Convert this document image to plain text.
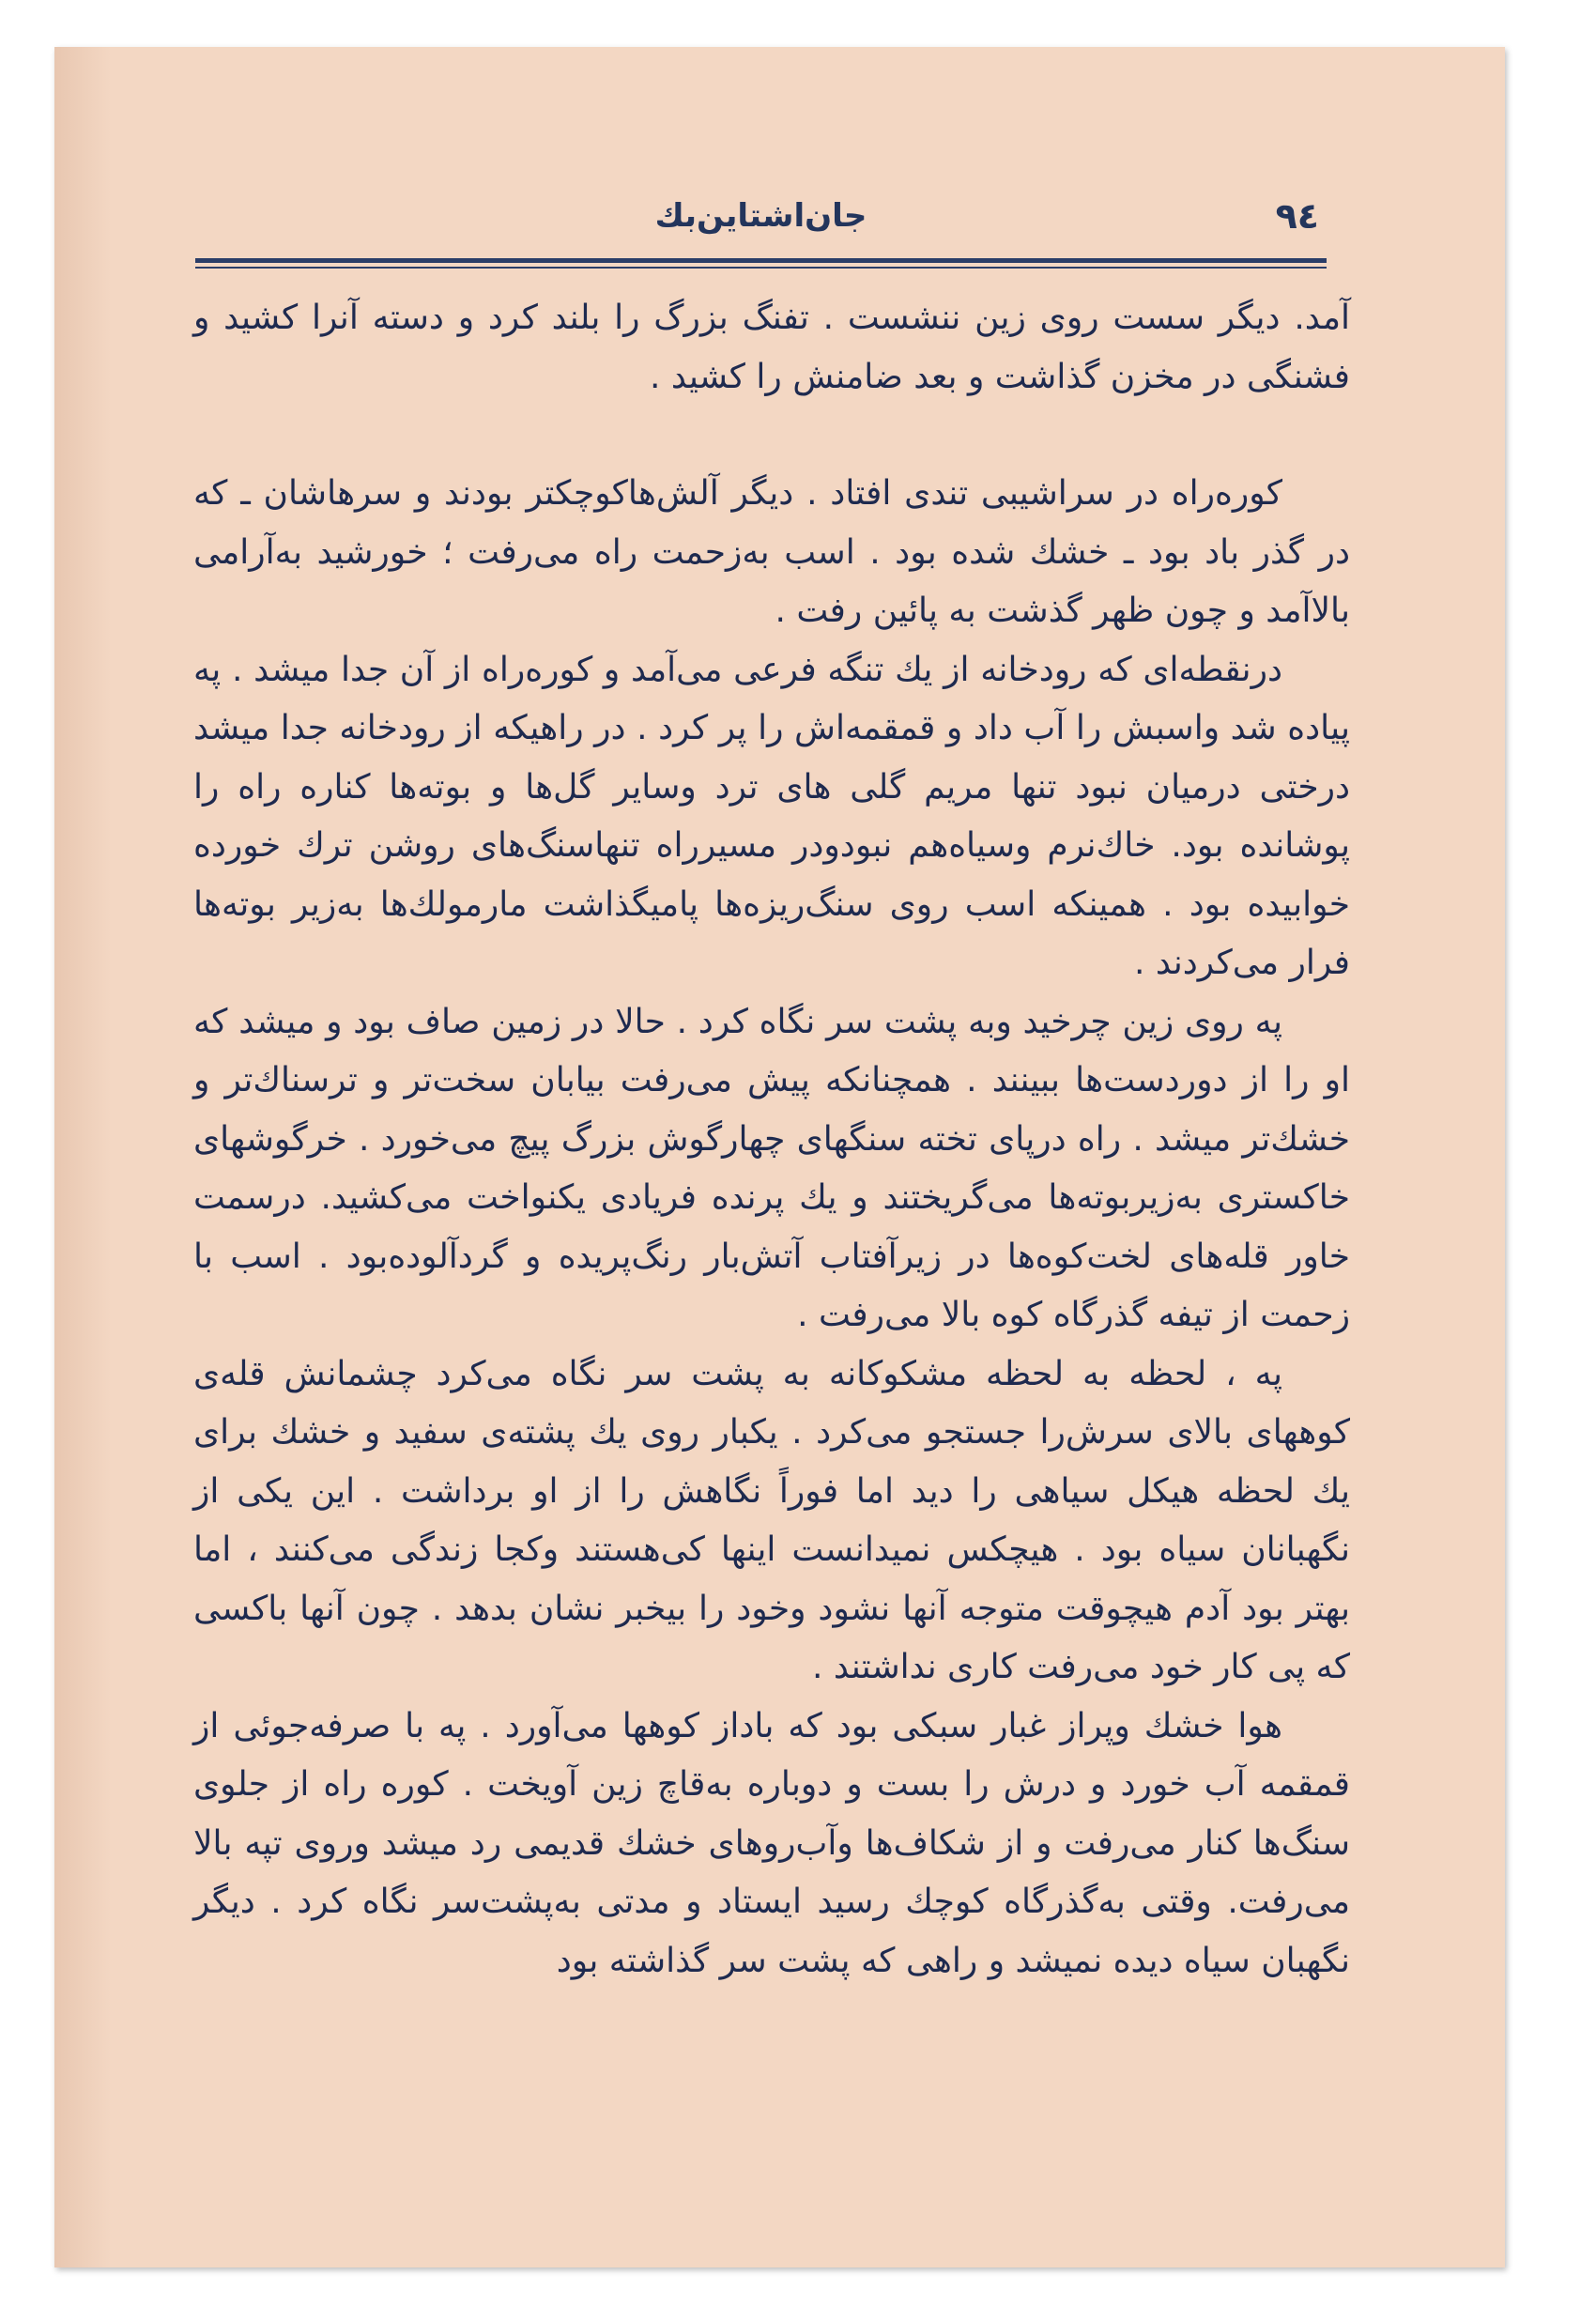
٩٤
جان‌اشتاین‌بك

آمد. دیگر سست روی زین ننشست . تفنگ بزرگ را بلند کرد و دسته آنرا کشید و فشنگی در مخزن گذاشت و بعد ضامنش را کشید .

کوره‌راه در سراشیبی تندی افتاد . دیگر آلش‌هاکوچکتر بودند و سرهاشان ـ که در گذر باد بود ـ خشك شده بود . اسب به‌زحمت راه می‌رفت ؛ خورشید به‌آرامی بالاآمد و چون ظهر گذشت به پائین رفت .

درنقطه‌ای که رودخانه از یك تنگه فرعی می‌آمد و کوره‌راه از آن جدا میشد . په پیاده شد واسبش را آب داد و قمقمه‌اش را پر کرد . در راهیکه از رودخانه جدا میشد درختی درمیان نبود تنها مریم گلی های ترد وسایر گل‌ها و بوته‌ها کناره راه را پوشانده بود. خاك‌نرم وسیاه‌هم نبودودر مسیرراه تنهاسنگ‌های روشن ترك خورده خوابیده بود . همینکه اسب روی سنگ‌ریزه‌ها پامیگذاشت مارمولك‌ها به‌زیر بوته‌ها فرار می‌کردند .

په روی زین چرخید وبه پشت سر نگاه کرد . حالا در زمین صاف بود و میشد که او را از دوردست‌ها ببینند . همچنانکه پیش می‌رفت بیابان سخت‌تر و ترسناك‌تر و خشك‌تر میشد . راه درپای تخته سنگهای چهارگوش بزرگ پیچ می‌خورد . خرگوشهای خاکستری به‌زیربوته‌ها می‌گریختند و یك پرنده فریادی یکنواخت می‌کشید. درسمت خاور قله‌های لخت‌کوه‌ها در زیرآفتاب آتش‌بار رنگ‌پریده و گردآلوده‌بود . اسب با زحمت از تیفه گذرگاه کوه بالا می‌رفت .

په ، لحظه به لحظه مشکوکانه به پشت سر نگاه می‌کرد چشمانش قله‌ی کوههای بالای سرش‌را جستجو می‌کرد . یکبار روی یك پشته‌ی سفید و خشك برای یك لحظه هیکل سیاهی را دید اما فوراً نگاهش را از او برداشت . این یکی از نگهبانان سیاه بود . هیچکس نمیدانست اینها کی‌هستند وکجا زندگی می‌کنند ، اما بهتر بود آدم هیچوقت متوجه آنها نشود وخود را بیخبر نشان بدهد . چون آنها باکسی که پی کار خود می‌رفت کاری نداشتند .

هوا خشك وپراز غبار سبکی بود که باداز کوهها می‌آورد . په با صرفه‌جوئی از قمقمه آب خورد و درش را بست و دوباره به‌قاچ زین آویخت . کوره راه از جلوی سنگ‌ها کنار می‌رفت و از شکاف‌ها وآب‌روهای خشك قدیمی رد میشد وروی تپه بالا می‌رفت. وقتی به‌گذرگاه کوچك رسید ایستاد و مدتی به‌پشت‌سر نگاه کرد . دیگر نگهبان سیاه دیده نمیشد و راهی که پشت سر گذاشته بود
